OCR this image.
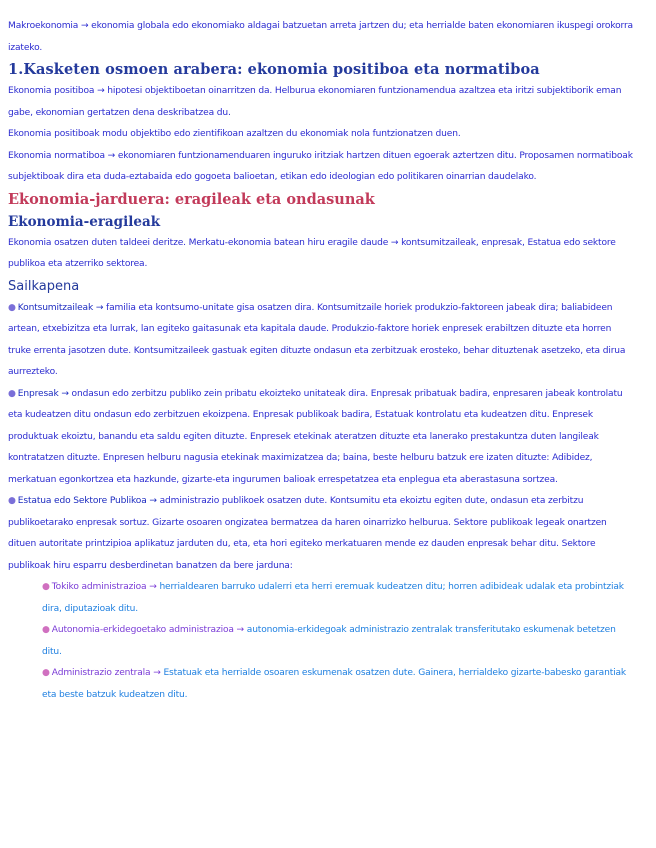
Makroekonomia → ekonomia globala edo ekonomiako aldagai batzuetan arreta jartzen du; eta herrialde baten ekonomiaren ikuspegi orokorra izateko.

1.Kasketen osmoen arabera: ekonomia positiboa eta normatiboa

Ekonomia positiboa → hipotesi objektiboetan oinarritzen da. Helburua ekonomiaren funtzionamendua azaltzea eta iritzi subjektiborik eman gabe, ekonomian gertatzen dena deskribatzea du.

Ekonomia positiboak modu objektibo edo zientifikoan azaltzen du ekonomiak nola funtzionatzen duen.

Ekonomia normatiboa → ekonomiaren funtzionamenduaren inguruko iritziak hartzen dituen egoerak aztertzen ditu. Proposamen normatiboak subjektiboak dira eta duda-eztabaida edo gogoeta balioetan, etikan edo ideologian edo politikaren oinarrian daudelako.

Ekonomia-jarduera: eragileak eta ondasunak

Ekonomia-eragileak

Ekonomia osatzen duten taldeei deritze. Merkatu-ekonomia batean hiru eragile daude → kontsumitzaileak, enpresak, Estatua edo sektore publikoa eta atzerriko sektorea.

Sailkapena

● Kontsumitzaileak → familia eta kontsumo-unitate gisa osatzen dira. Kontsumitzaile horiek produkzio-faktoreen jabeak dira; baliabideen artean, etxebizitza eta lurrak, lan egiteko gaitasunak eta kapitala daude. Produkzio-faktore horiek enpresek erabiltzen dituzte eta horren truke errenta jasotzen dute. Kontsumitzaileek gastuak egiten dituzte ondasun eta zerbitzuak erosteko, behar dituztenak asetzeko, eta dirua aurrezteko.

● Enpresak → ondasun edo zerbitzu publiko zein pribatu ekoizteko unitateak dira. Enpresak pribatuak badira, enpresaren jabeak kontrolatu eta kudeatzen ditu ondasun edo zerbitzuen ekoizpena. Enpresak publikoak badira, Estatuak kontrolatu eta kudeatzen ditu. Enpresek produktuak ekoiztu, banandu eta saldu egiten dituzte. Enpresek etekinak ateratzen dituzte eta lanerako prestakuntza duten langileak kontratatzen dituzte. Enpresen helburu nagusia etekinak maximizatzea da; baina, beste helburu batzuk ere izaten dituzte: Adibidez, merkatuan egonkortzea eta hazkunde, gizarte-eta ingurumen balioak errespetatzea eta enplegua eta aberastasuna sortzea.

● Estatua edo Sektore Publikoa → administrazio publikoek osatzen dute. Kontsumitu eta ekoiztu egiten dute, ondasun eta zerbitzu publikoetarako enpresak sortuz. Gizarte osoaren ongizatea bermatzea da haren oinarrizko helburua. Sektore publikoak legeak onartzen dituen autoritate printzipioa aplikatuz jarduten du, eta, eta hori egiteko merkatuaren mende ez dauden enpresak behar ditu. Sektore publikoak hiru esparru desberdinetan banatzen da bere jarduna:

● Tokiko administrazioa → herrialdearen barruko udalerri eta herri eremuak kudeatzen ditu; horren adibideak udalak eta probintziak dira, diputazioak ditu.

● Autonomia-erkidegoetako administrazioa → autonomia-erkidegoak administrazio zentralak transferitutako eskumenak betetzen ditu.

● Administrazio zentrala → Estatuak eta herrialde osoaren eskumenak osatzen dute. Gainera, herrialdeko gizarte-babesko garantiak eta beste batzuk kudeatzen ditu.
